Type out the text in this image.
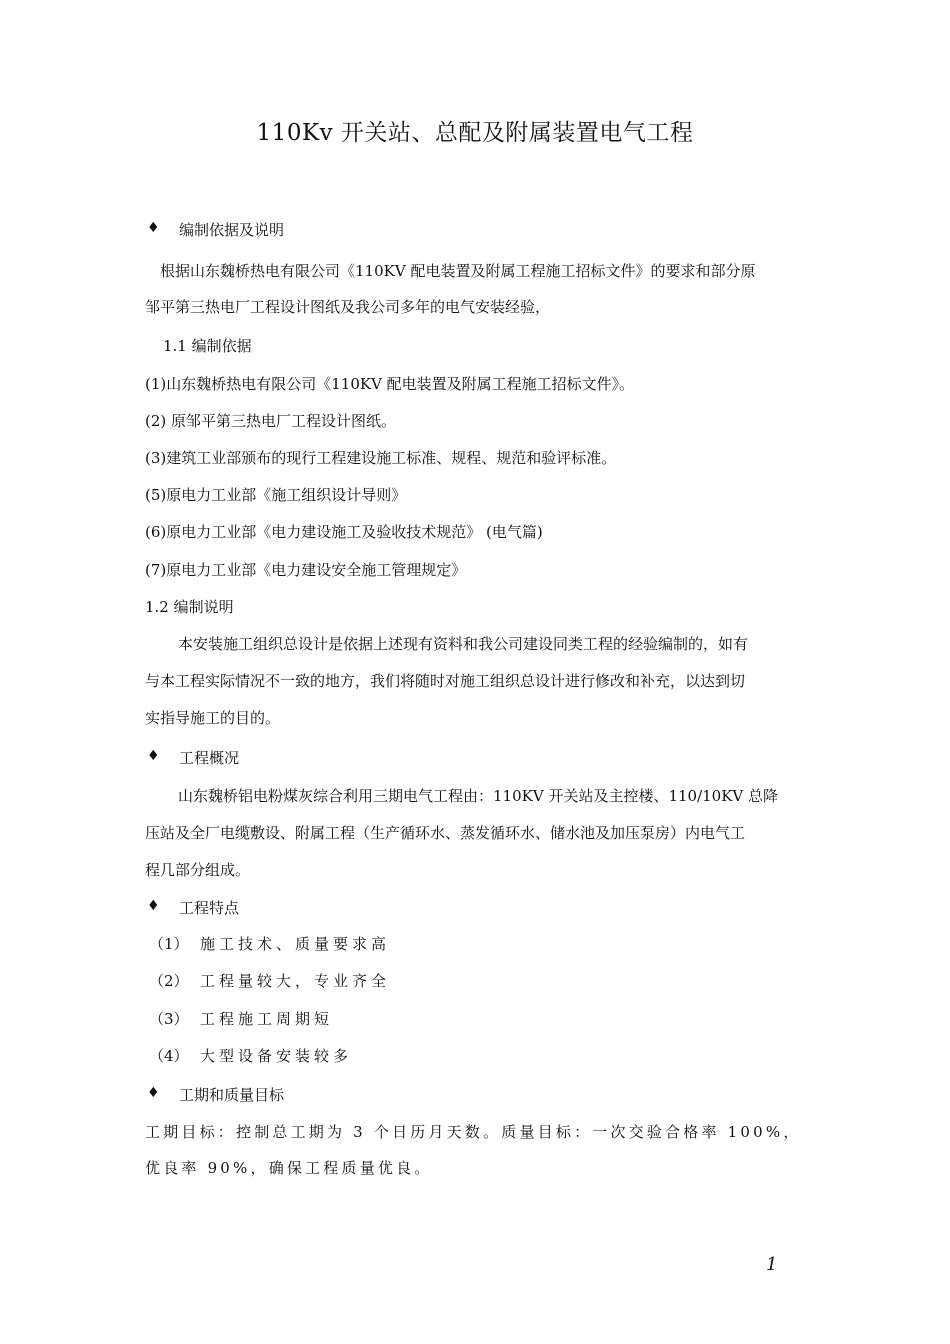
110Kv 开关站、总配及附属装置电气工程
♦ 编制依据及说明
根据山东魏桥热电有限公司《110KV 配电装置及附属工程施工招标文件》的要求和部分原
邹平第三热电厂工程设计图纸及我公司多年的电气安装经验，
1.1 编制依据
(1)山东魏桥热电有限公司《110KV 配电装置及附属工程施工招标文件》。
(2) 原邹平第三热电厂工程设计图纸。
(3)建筑工业部颁布的现行工程建设施工标准、规程、规范和验评标准。
(5)原电力工业部《施工组织设计导则》
(6)原电力工业部《电力建设施工及验收技术规范》 (电气篇)
(7)原电力工业部《电力建设安全施工管理规定》
1.2 编制说明
本安装施工组织总设计是依据上述现有资料和我公司建设同类工程的经验编制的，如有
与本工程实际情况不一致的地方，我们将随时对施工组织总设计进行修改和补充，以达到切
实指导施工的目的。
♦ 工程概况
山东魏桥铝电粉煤灰综合利用三期电气工程由：110KV 开关站及主控楼、110/10KV 总降
压站及全厂电缆敷设、附属工程（生产循环水、蒸发循环水、储水池及加压泵房）内电气工
程几部分组成。
♦ 工程特点
（1） 施工技术、质量要求高
（2） 工程量较大，专业齐全
（3） 工程施工周期短
（4） 大型设备安装较多
♦ 工期和质量目标
工期目标：控制总工期为 3 个日历月天数。质量目标：一次交验合格率 100%，
优良率 90%，确保工程质量优良。
1
